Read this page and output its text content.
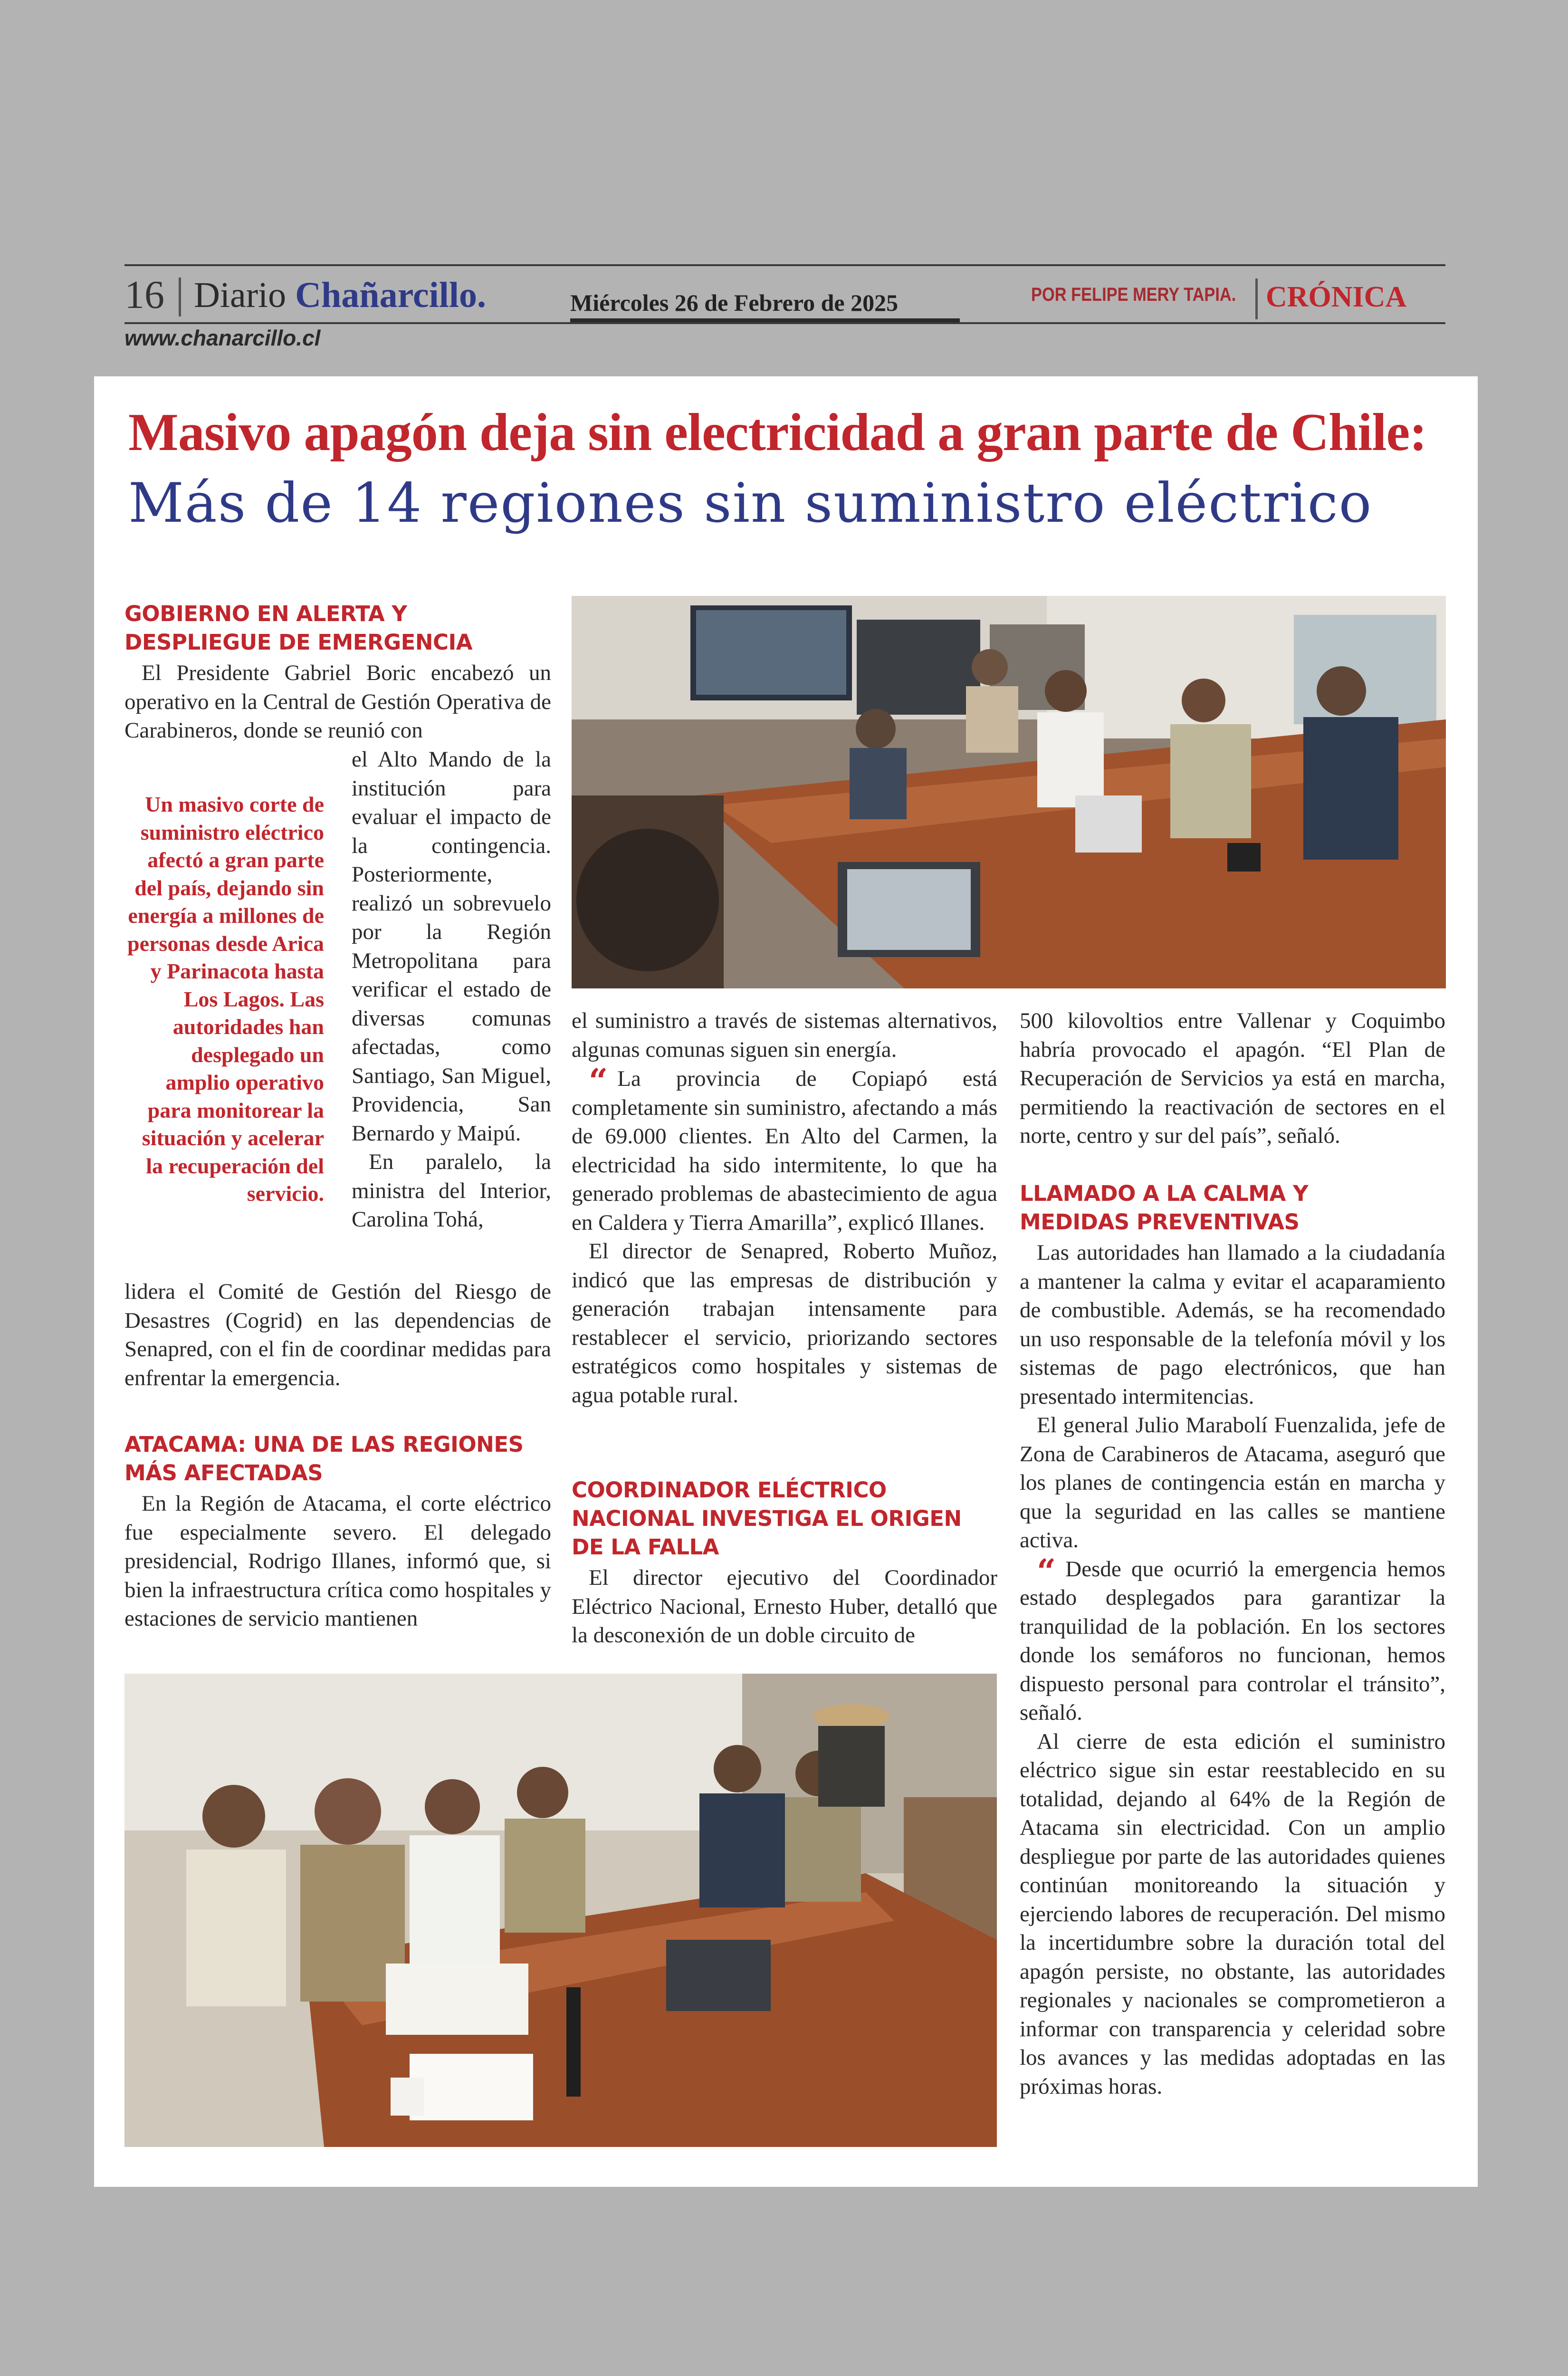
16 Diario Chañarcillo.
www.chanarcillo.cl
Miércoles 26 de Febrero de 2025	POR FELIPE MERY TAPIA. CRÓNICA
Masivo apagón deja sin electricidad a gran parte de Chile:
Más de 14 regiones sin suministro eléctrico
GOBIERNO EN ALERTA Y
DESPLIEGUE DE EMERGENCIA

El Presidente Gabriel Boric encabezó un operativo en la Central de Gestión Operativa de Carabineros, donde se reunió con

el Alto Mando de la institución para evaluar el impacto de la contingencia. Posteriormente, realizó un sobrevuelo por la Región Metropolitana para verificar el estado de diversas comunas afectadas, como Santiago, San Miguel, Providencia, San Bernardo y Maipú.

En paralelo, la ministra del Interior, Carolina Tohá,

Un masivo corte de suministro eléctrico afectó a gran parte del país, dejando sin energía a millones de personas desde Arica y Parinacota hasta Los Lagos. Las autoridades han desplegado un amplio operativo para monitorear la situación y acelerar la recuperación del servicio.

lidera el Comité de Gestión del Riesgo de Desastres (Cogrid) en las dependencias de Senapred, con el fin de coordinar medidas para enfrentar la emergencia.

ATACAMA: UNA DE LAS REGIONES
MÁS AFECTADAS

En la Región de Atacama, el corte eléctrico fue especialmente severo. El delegado presidencial, Rodrigo Illanes, informó que, si bien la infraestructura crítica como hospitales y estaciones de servicio mantienen

el suministro a través de sistemas alternativos, algunas comunas siguen sin energía.

“ La provincia de Copiapó está completamente sin suministro, afectando a más de 69.000 clientes. En Alto del Carmen, la electricidad ha sido intermitente, lo que ha generado problemas de abastecimiento de agua en Caldera y Tierra Amarilla”, explicó Illanes.

El director de Senapred, Roberto Muñoz, indicó que las empresas de distribución y generación trabajan intensamente para restablecer el servicio, priorizando sectores estratégicos como hospitales y sistemas de agua potable rural.

COORDINADOR ELÉCTRICO
NACIONAL INVESTIGA EL ORIGEN
DE LA FALLA

El director ejecutivo del Coordinador Eléctrico Nacional, Ernesto Huber, detalló que la desconexión de un doble circuito de

500 kilovoltios entre Vallenar y Coquimbo habría provocado el apagón. “El Plan de Recuperación de Servicios ya está en marcha, permitiendo la reactivación de sectores en el norte, centro y sur del país”, señaló.

LLAMADO A LA CALMA Y
MEDIDAS PREVENTIVAS

Las autoridades han llamado a la ciudadanía a mantener la calma y evitar el acaparamiento de combustible. Además, se ha recomendado un uso responsable de la telefonía móvil y los sistemas de pago electrónicos, que han presentado intermitencias.

El general Julio Marabolí Fuenzalida, jefe de Zona de Carabineros de Atacama, aseguró que los planes de contingencia están en marcha y que la seguridad en las calles se mantiene activa.

“ Desde que ocurrió la emergencia hemos estado desplegados para garantizar la tranquilidad de la población. En los sectores donde los semáforos no funcionan, hemos dispuesto personal para controlar el tránsito”, señaló.

Al cierre de esta edición el suministro eléctrico sigue sin estar reestablecido en su totalidad, dejando al 64% de la Región de Atacama sin electricidad. Con un amplio despliegue por parte de las autoridades quienes continúan monitoreando la situación y ejerciendo labores de recuperación. Del mismo la incertidumbre sobre la duración total del apagón persiste, no obstante, las autoridades regionales y nacionales se comprometieron a informar con transparencia y celeridad sobre los avances y las medidas adoptadas en las próximas horas.
